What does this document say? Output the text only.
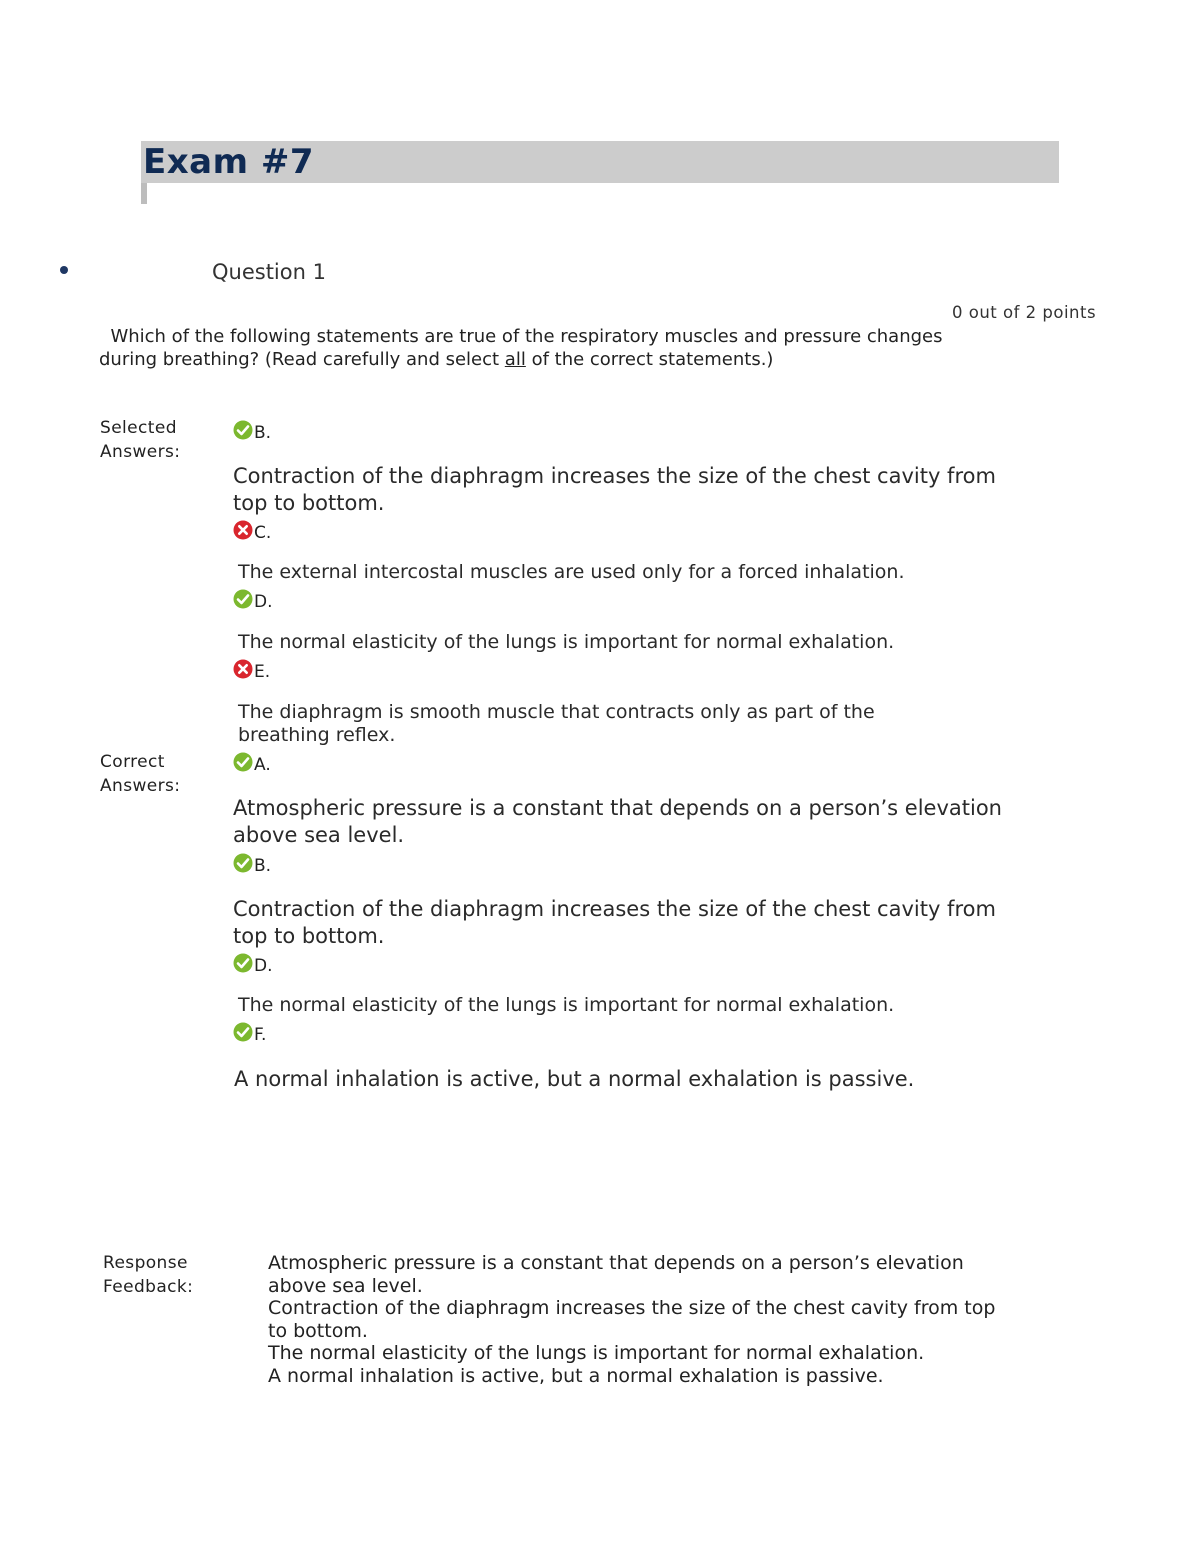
Exam #7
Question 1
0 out of 2 points
Which of the following statements are true of the respiratory muscles and pressure changes during breathing? (Read carefully and select all of the correct statements.)
Selected
Answers:
B.
Contraction of the diaphragm increases the size of the chest cavity from top to bottom.
C.
The external intercostal muscles are used only for a forced inhalation.
D.
The normal elasticity of the lungs is important for normal exhalation.
E.
The diaphragm is smooth muscle that contracts only as part of the breathing reflex.
Correct
Answers:
A.
Atmospheric pressure is a constant that depends on a person’s elevation above sea level.
B.
Contraction of the diaphragm increases the size of the chest cavity from top to bottom.
D.
The normal elasticity of the lungs is important for normal exhalation.
F.
A normal inhalation is active, but a normal exhalation is passive.
Response
Feedback:
Atmospheric pressure is a constant that depends on a person’s elevation above sea level.
Contraction of the diaphragm increases the size of the chest cavity from top to bottom.
The normal elasticity of the lungs is important for normal exhalation.
A normal inhalation is active, but a normal exhalation is passive.
